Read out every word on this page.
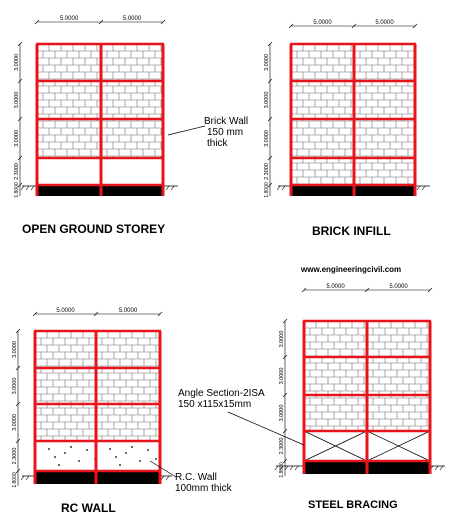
5.0000	5.0000
3.0000
3.0000
3.0000
2.3000
1.8000
5.0000	5.0000
3.0000
3.0000
3.0000
2.3000
1.8000
5.0000	5.0000
3.0000
3.0000
3.0000
2.3000
1.8000
5.0000	5.0000
3.0000
3.0000
3.0000
2.3000
1.8000
OPEN GROUND STOREY	BRICK INFILL
RC WALL	STEEL BRACING
www.engineeringcivil.com
Brick Wall
150 mm
thick
R.C. Wall
100mm thick
Angle Section-2ISA
150 x115x15mm
